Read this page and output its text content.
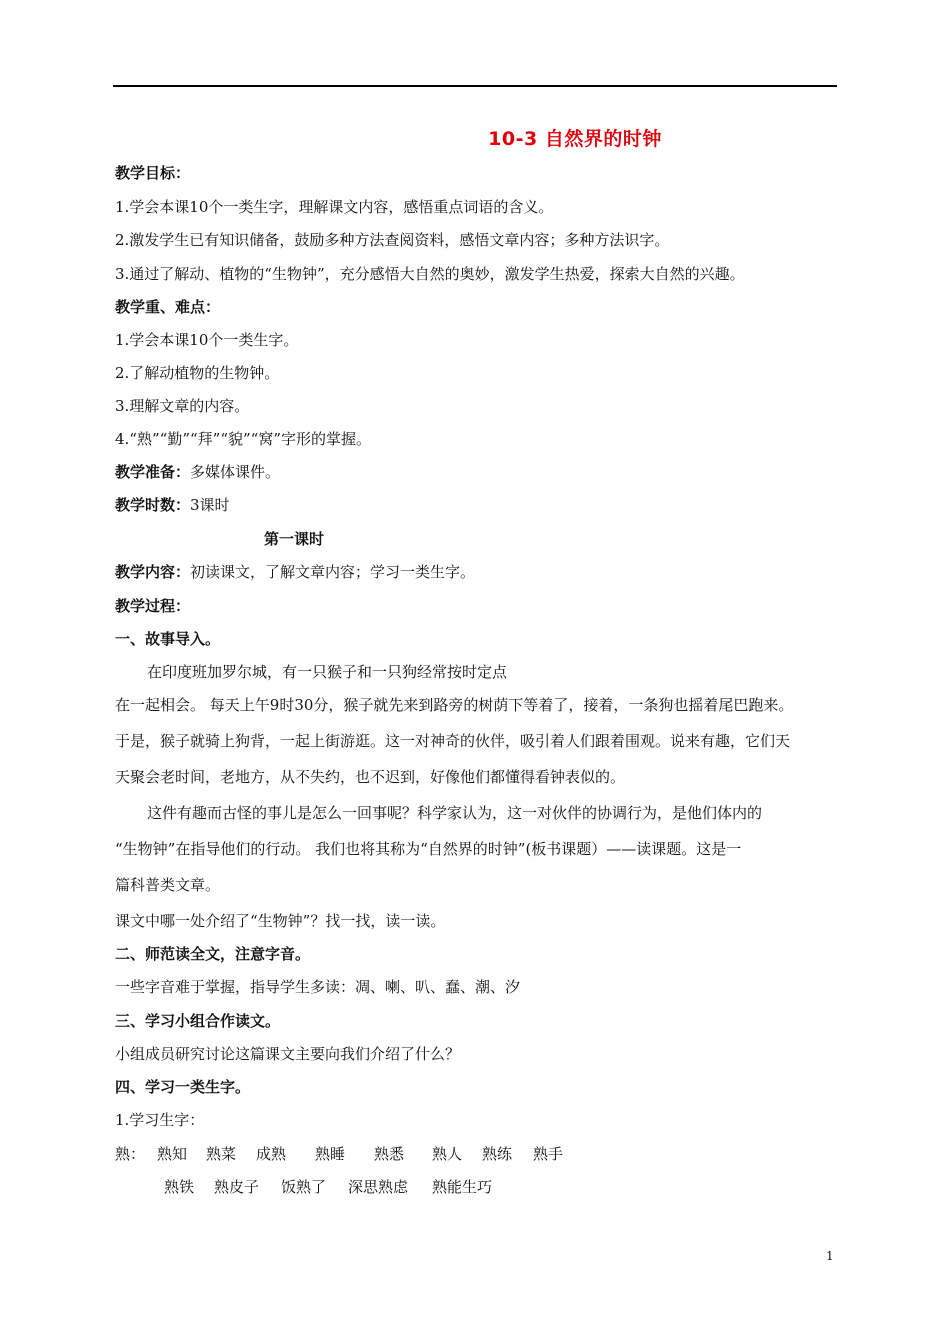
10-3 自然界的时钟
教学目标：
1.学会本课10个一类生字，理解课文内容，感悟重点词语的含义。
2.激发学生已有知识储备，鼓励多种方法查阅资料，感悟文章内容；多种方法识字。
3.通过了解动、植物的“生物钟”，充分感悟大自然的奥妙，激发学生热爱，探索大自然的兴趣。
教学重、难点：
1.学会本课10个一类生字。
2.了解动植物的生物钟。
3.理解文章的内容。
4.“熟”“勤”“拜”“貌”“窝”字形的掌握。
教学准备：多媒体课件。
教学时数：3课时
第一课时
教学内容：初读课文，了解文章内容；学习一类生字。
教学过程：
一、故事导入。
在印度班加罗尔城，有一只猴子和一只狗经常按时定点
在一起相会。 每天上午9时30分，猴子就先来到路旁的树荫下等着了，接着，一条狗也摇着尾巴跑来。
于是，猴子就骑上狗背，一起上街游逛。这一对神奇的伙伴，吸引着人们跟着围观。说来有趣，它们天
天聚会老时间，老地方，从不失约，也不迟到，好像他们都懂得看钟表似的。
这件有趣而古怪的事儿是怎么一回事呢？科学家认为，这一对伙伴的协调行为，是他们体内的
“生物钟”在指导他们的行动。 我们也将其称为“自然界的时钟”(板书课题）——读课题。这是一
篇科普类文章。
课文中哪一处介绍了“生物钟”？找一找，读一读。
二、师范读全文，注意字音。
一些字音难于掌握，指导学生多读：凋、喇、叭、蠢、潮、汐
三、学习小组合作读文。
小组成员研究讨论这篇课文主要向我们介绍了什么？
四、学习一类生字。
1.学习生字：
熟： 熟知 熟菜 成熟 熟睡 熟悉 熟人 熟练 熟手
熟铁 熟皮子 饭熟了 深思熟虑 熟能生巧
1
